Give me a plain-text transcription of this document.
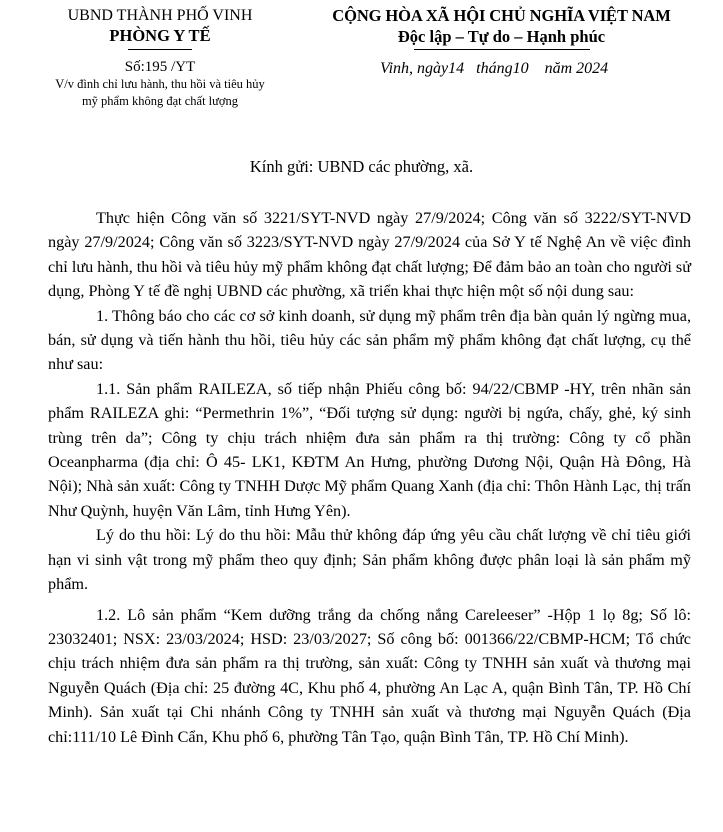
UBND THÀNH PHỐ VINH
PHÒNG Y TẾ
Số:195 /YT
V/v đình chỉ lưu hành, thu hồi và tiêu hủy
mỹ phẩm không đạt chất lượng
CỘNG HÒA XÃ HỘI CHỦ NGHĨA VIỆT NAM
Độc lập – Tự do – Hạnh phúc
Vinh, ngày14 tháng10 năm 2024
Kính gửi: UBND các phường, xã.

Thực hiện Công văn số 3221/SYT-NVD ngày 27/9/2024; Công văn số 3222/SYT-NVD ngày 27/9/2024; Công văn số 3223/SYT-NVD ngày 27/9/2024 của Sở Y tế Nghệ An về việc đình chỉ lưu hành, thu hồi và tiêu hủy mỹ phẩm không đạt chất lượng; Để đảm bảo an toàn cho người sử dụng, Phòng Y tế đề nghị UBND các phường, xã triển khai thực hiện một số nội dung sau:

1. Thông báo cho các cơ sở kinh doanh, sử dụng mỹ phẩm trên địa bàn quản lý ngừng mua, bán, sử dụng và tiến hành thu hồi, tiêu hủy các sản phẩm mỹ phẩm không đạt chất lượng, cụ thể như sau:

1.1. Sản phẩm RAILEZA, số tiếp nhận Phiếu công bố: 94/22/CBMP -HY, trên nhãn sản phẩm RAILEZA ghi: “Permethrin 1%”, “Đối tượng sử dụng: người bị ngứa, chấy, ghẻ, ký sinh trùng trên da”; Công ty chịu trách nhiệm đưa sản phẩm ra thị trường: Công ty cổ phần Oceanpharma (địa chỉ: Ô 45- LK1, KĐTM An Hưng, phường Dương Nội, Quận Hà Đông, Hà Nội); Nhà sản xuất: Công ty TNHH Dược Mỹ phẩm Quang Xanh (địa chỉ: Thôn Hành Lạc, thị trấn Như Quỳnh, huyện Văn Lâm, tỉnh Hưng Yên).

Lý do thu hồi: Lý do thu hồi: Mẫu thử không đáp ứng yêu cầu chất lượng về chỉ tiêu giới hạn vi sinh vật trong mỹ phẩm theo quy định; Sản phẩm không được phân loại là sản phẩm mỹ phẩm.

1.2. Lô sản phẩm “Kem dưỡng trắng da chống nắng Careleeser” -Hộp 1 lọ 8g; Số lô: 23032401; NSX: 23/03/2024; HSD: 23/03/2027; Số công bố: 001366/22/CBMP-HCM; Tổ chức chịu trách nhiệm đưa sản phẩm ra thị trường, sản xuất: Công ty TNHH sản xuất và thương mại Nguyễn Quách (Địa chỉ: 25 đường 4C, Khu phố 4, phường An Lạc A, quận Bình Tân, TP. Hồ Chí Minh). Sản xuất tại Chi nhánh Công ty TNHH sản xuất và thương mại Nguyễn Quách (Địa chỉ:111/10 Lê Đình Cẩn, Khu phố 6, phường Tân Tạo, quận Bình Tân, TP. Hồ Chí Minh).
